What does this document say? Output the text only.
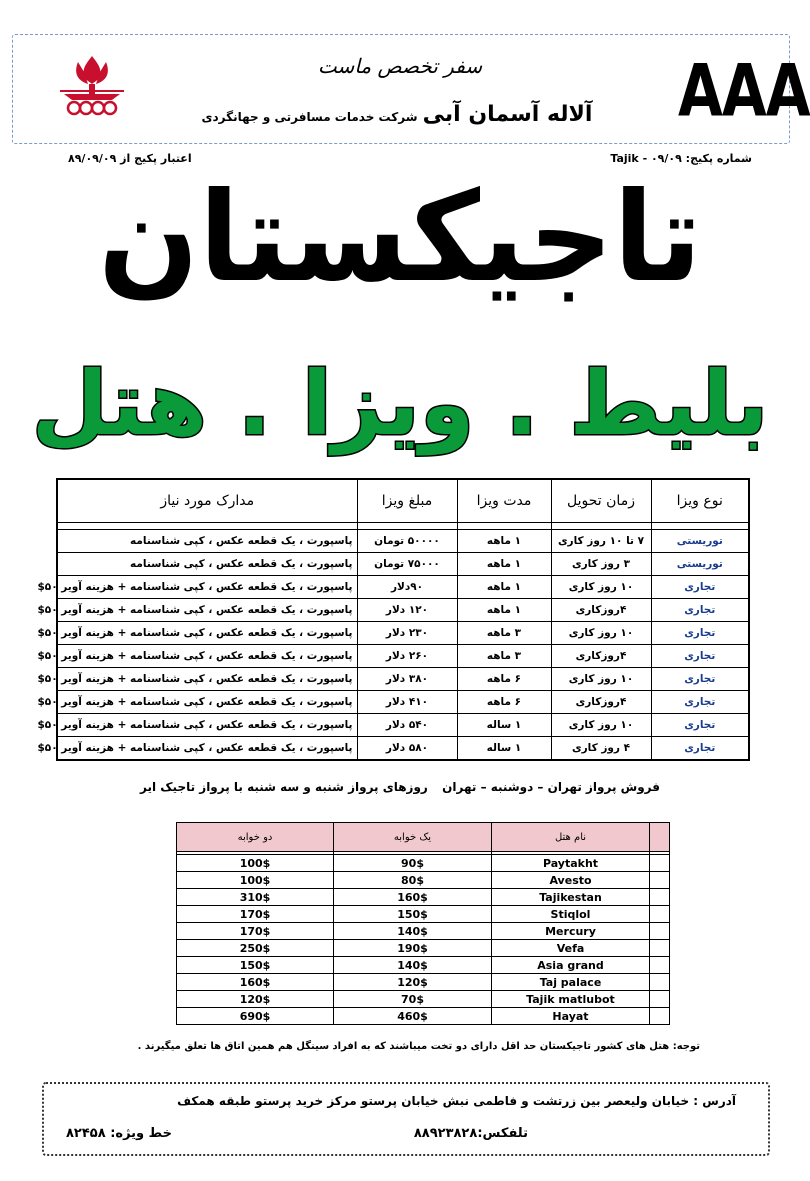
AAA
سفر تخصص ماست
آلاله آسمان آبی شرکت خدمات مسافرتی و جهانگردی
شماره پکیج: ۰۹/۰۹ - Tajik
اعتبار پکیج از ۸۹/۰۹/۰۹
تاجیکستان
بلیط . ویزا . هتل
نوع ویزا	زمان تحویل	مدت ویزا	مبلغ ویزا	مدارک مورد نیاز

توریستی	۷ تا ۱۰ روز کاری	۱ ماهه	۵۰۰۰۰ تومان	پاسپورت ، یک قطعه عکس ، کپی شناسنامه
توریستی	۳ روز کاری	۱ ماهه	۷۵۰۰۰ تومان	پاسپورت ، یک قطعه عکس ، کپی شناسنامه
تجاری	۱۰ روز کاری	۱ ماهه	۹۰دلار	پاسپورت ، یک قطعه عکس ، کپی شناسنامه + هزینه آویر ۵۰$
تجاری	۴روزکاری	۱ ماهه	۱۲۰ دلار	پاسپورت ، یک قطعه عکس ، کپی شناسنامه + هزینه آویر ۵۰$
تجاری	۱۰ روز کاری	۳ ماهه	۲۳۰ دلار	پاسپورت ، یک قطعه عکس ، کپی شناسنامه + هزینه آویر ۵۰$
تجاری	۴روزکاری	۳ ماهه	۲۶۰ دلار	پاسپورت ، یک قطعه عکس ، کپی شناسنامه + هزینه آویر ۵۰$
تجاری	۱۰ روز کاری	۶ ماهه	۳۸۰ دلار	پاسپورت ، یک قطعه عکس ، کپی شناسنامه + هزینه آویر ۵۰$
تجاری	۴روزکاری	۶ ماهه	۴۱۰ دلار	پاسپورت ، یک قطعه عکس ، کپی شناسنامه + هزینه آویر ۵۰$
تجاری	۱۰ روز کاری	۱ ساله	۵۴۰ دلار	پاسپورت ، یک قطعه عکس ، کپی شناسنامه + هزینه آویر ۵۰$
تجاری	۴ روز کاری	۱ ساله	۵۸۰ دلار	پاسپورت ، یک قطعه عکس ، کپی شناسنامه + هزینه آویر ۵۰$
فروش پرواز تهران – دوشنبه – تهران
روزهای پرواز شنبه و سه شنبه با پرواز تاجیک ایر
	نام هتل	یک خوابه	دو خوابه

	Paytakht	90$	100$
	Avesto	80$	100$
	Tajikestan	160$	310$
	Stiqlol	150$	170$
	Mercury	140$	170$
	Vefa	190$	250$
	Asia grand	140$	150$
	Taj palace	120$	160$
	Tajik matlubot	70$	120$
	Hayat	460$	690$
توجه: هتل های کشور تاجیکستان حد اقل دارای دو تخت میباشند که به افراد سینگل هم همین اتاق ها تعلق میگیرند .
آدرس : خیابان ولیعصر بین زرتشت و فاطمی نبش خیابان پرستو مرکز خرید پرستو طبقه همکف
تلفکس:۸۸۹۲۳۸۲۸
خط ویژه: ۸۲۴۵۸
